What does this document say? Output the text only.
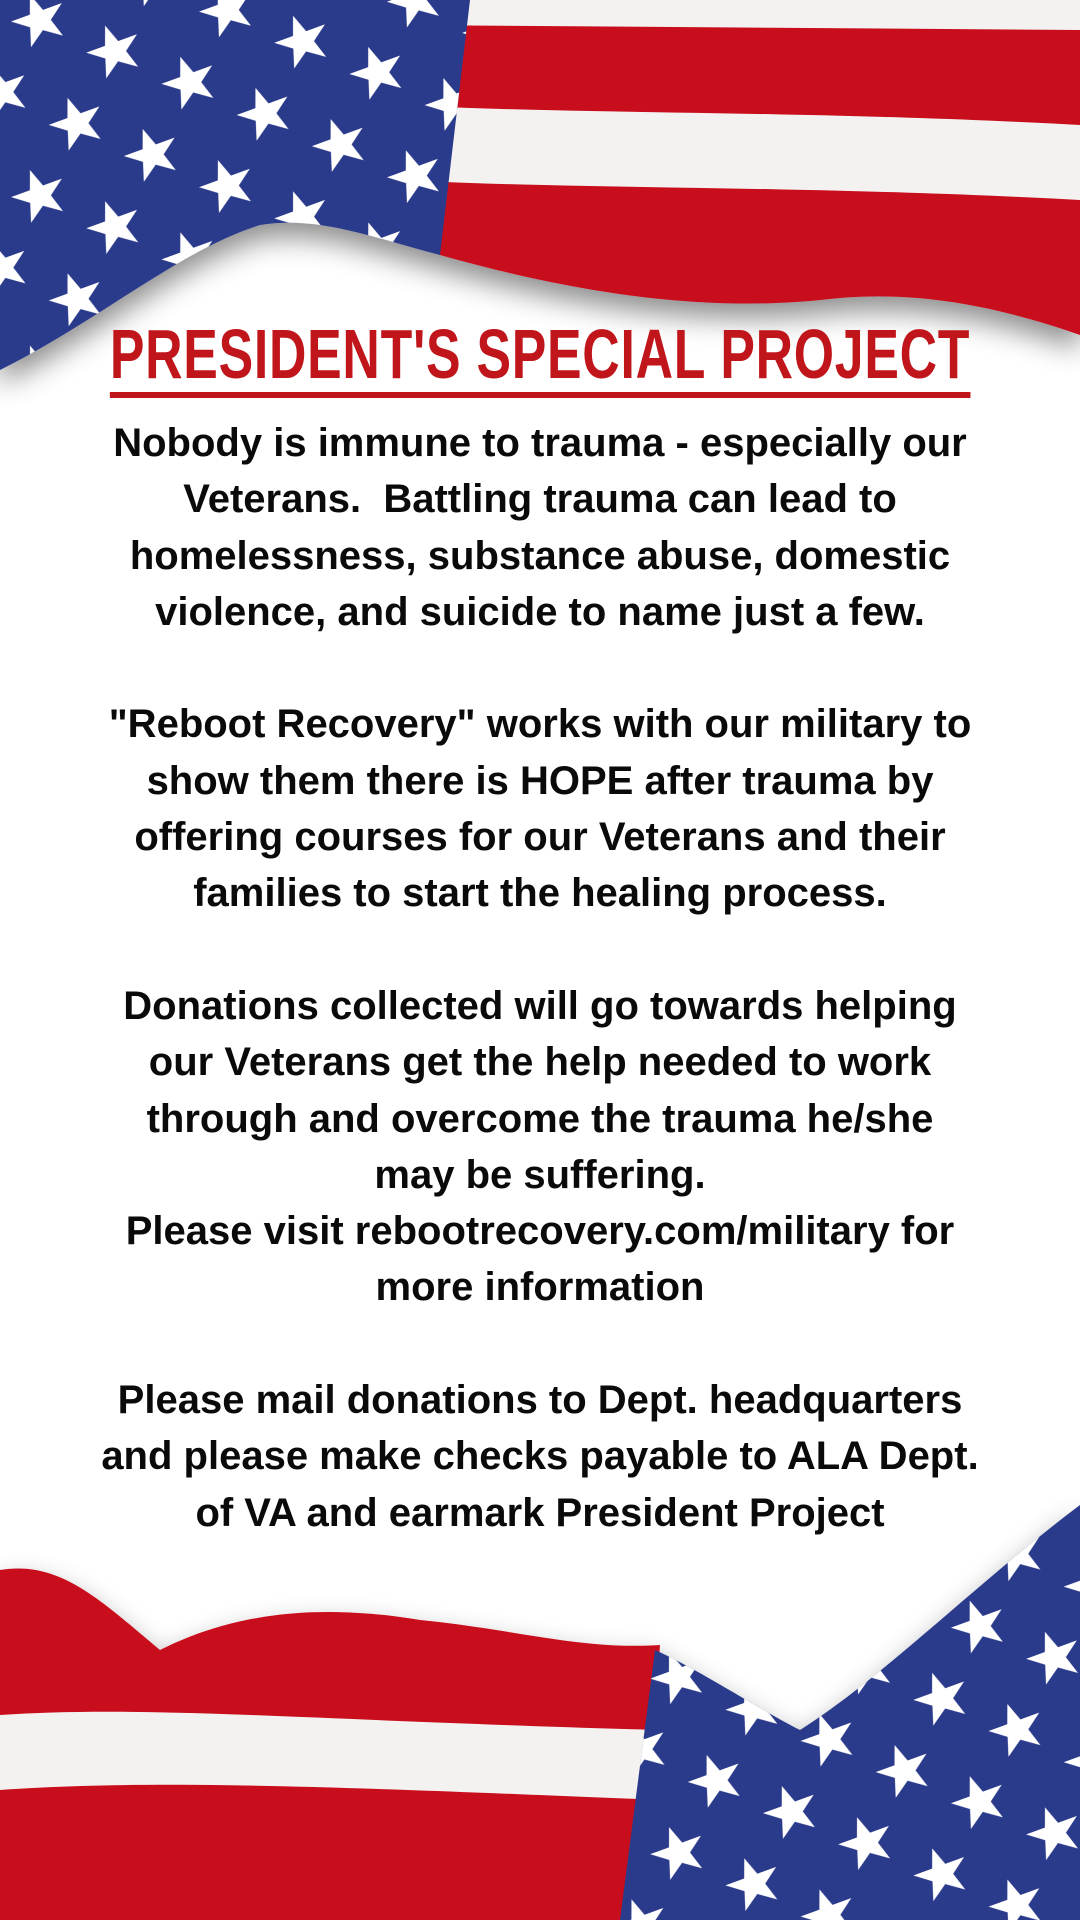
PRESIDENT'S SPECIAL PROJECT
Nobody is immune to trauma - especially our
Veterans.  Battling trauma can lead to
homelessness, substance abuse, domestic
violence, and suicide to name just a few.
"Reboot Recovery" works with our military to
show them there is HOPE after trauma by
offering courses for our Veterans and their
families to start the healing process.
Donations collected will go towards helping
our Veterans get the help needed to work
through and overcome the trauma he/she
may be suffering.
Please visit rebootrecovery.com/military for
more information
Please mail donations to Dept. headquarters
and please make checks payable to ALA Dept.
of VA and earmark President Project
